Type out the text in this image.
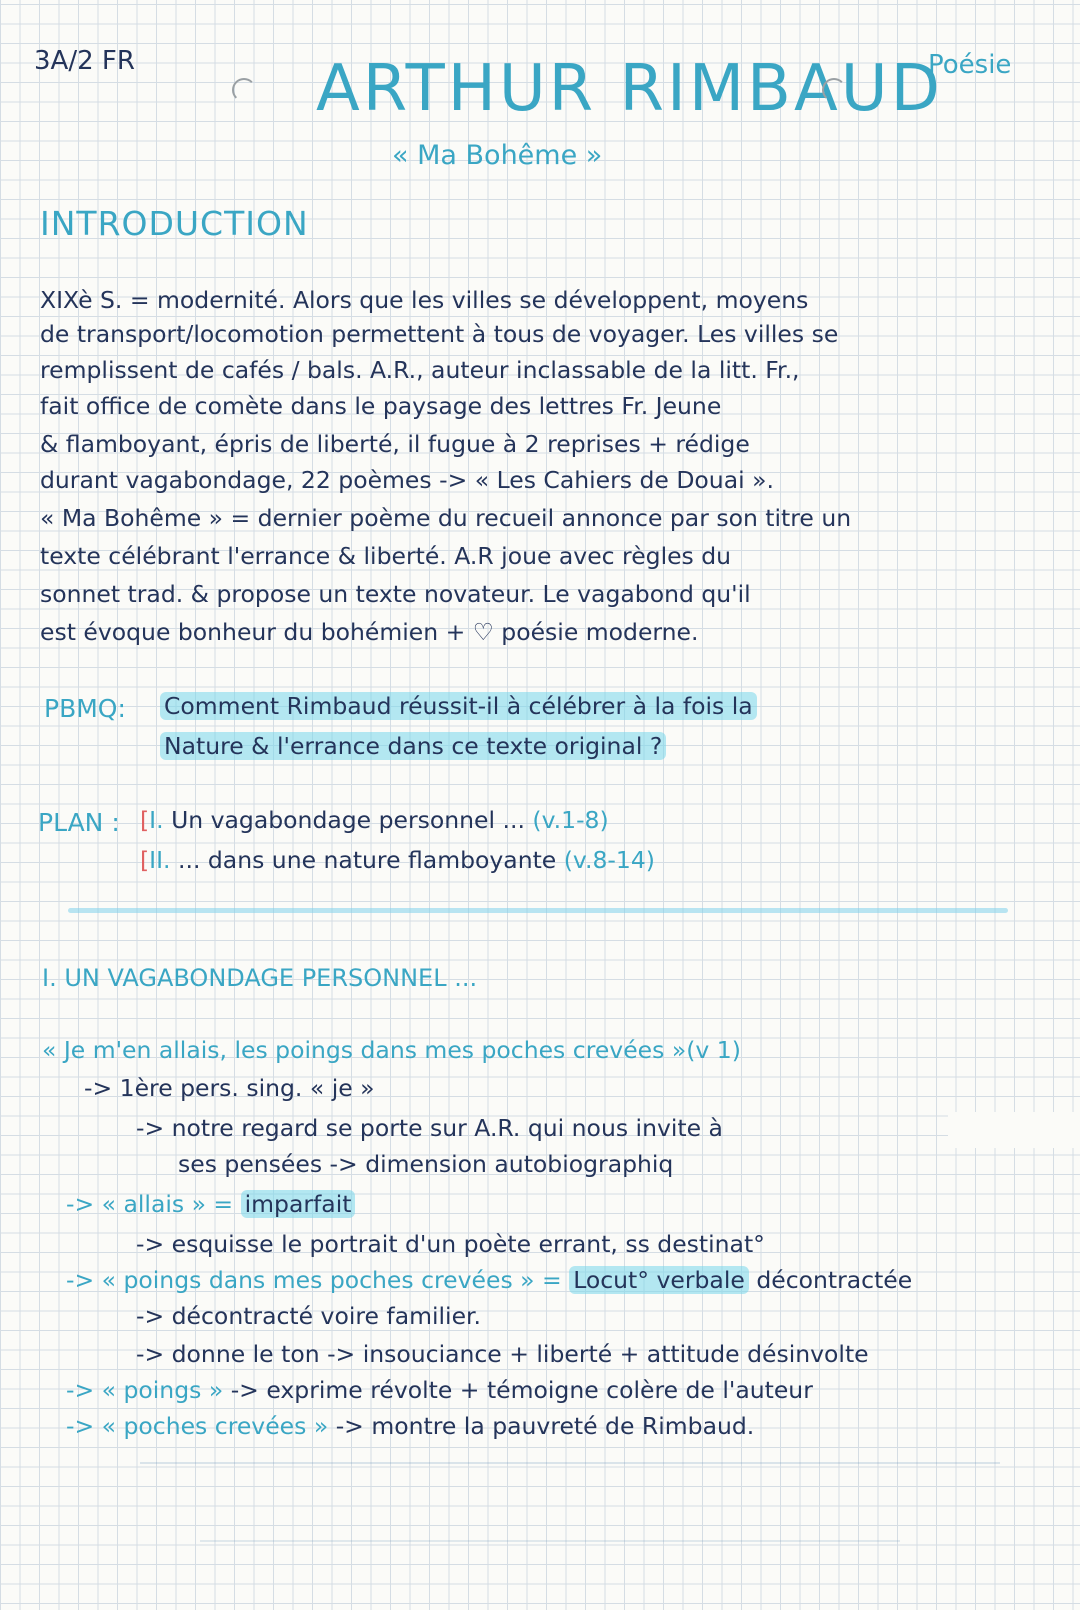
3A/2 FR	ARTHUR RIMBAUD
Poésie
« Ma Bohême »
INTRODUCTION
XIXè S. = modernité. Alors que les villes se développent, moyens
de transport/locomotion permettent à tous de voyager. Les villes se
remplissent de cafés / bals. A.R., auteur inclassable de la litt. Fr.,
fait office de comète dans le paysage des lettres Fr. Jeune
& flamboyant, épris de liberté, il fugue à 2 reprises + rédige
durant vagabondage, 22 poèmes -> « Les Cahiers de Douai ».
« Ma Bohême » = dernier poème du recueil annonce par son titre un
texte célébrant l'errance & liberté. A.R joue avec règles du
sonnet trad. & propose un texte novateur. Le vagabond qu'il
est évoque bonheur du bohémien + ♡ poésie moderne.
PBMQ: Comment Rimbaud réussit-il à célébrer à la fois la
Nature & l'errance dans ce texte original ?
PLAN : [I. Un vagabondage personnel ... (v.1-8)
[II. ... dans une nature flamboyante (v.8-14)
I. UN VAGABONDAGE PERSONNEL ...
« Je m'en allais, les poings dans mes poches crevées »(v 1)
-> 1ère pers. sing. « je »
-> notre regard se porte sur A.R. qui nous invite à
ses pensées -> dimension autobiographiq
-> « allais » = imparfait
-> esquisse le portrait d'un poète errant, ss destinat°
-> « poings dans mes poches crevées » = Locut° verbale décontractée
-> décontracté voire familier.
-> donne le ton -> insouciance + liberté + attitude désinvolte
-> « poings » -> exprime révolte + témoigne colère de l'auteur
-> « poches crevées » -> montre la pauvreté de Rimbaud.
